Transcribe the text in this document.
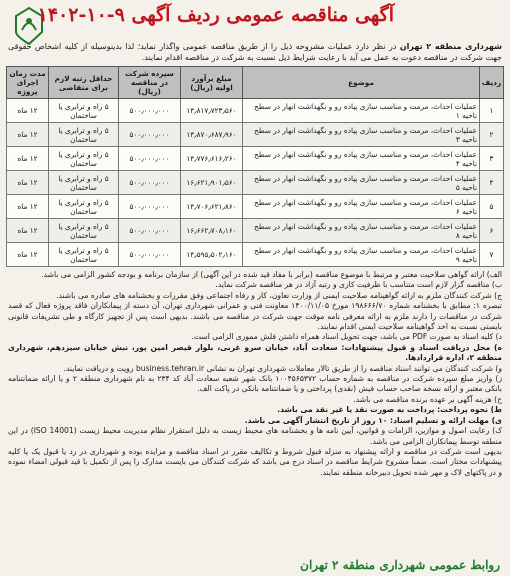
آگهی مناقصه عمومی ردیف آگهی ۹-۱۰-۱۴۰۲
شهرداری منطقه ۲ تهران در نظر دارد عملیات مشروحه ذیل را از طریق مناقصه عمومی واگذار نماید؛ لذا بدینوسیله از کلیه اشخاص حقوقی جهت شرکت در مناقصه دعوت به عمل می آید با رعایت شرایط ذیل نسبت به شرکت در مناقصه اقدام نمایند.
ردیف	موضوع	مبلغ برآورد اولیه (ریال)	سپرده شرکت در مناقصه (ریال)	حداقل رتبه لازم برای متقاضی	مدت زمان اجرای پروژه
۱	عملیات احداث، مرمت و مناسب سازی پیاده رو و نگهداشت انهار در سطح ناحیه ۱	۱۴٫۸۱۷٫۷۲۳٫۵۶۰	۵۰۰٫۰۰۰٫۰۰۰	۵ راه و ترابری یا ساختمان	۱۲ ماه
۲	عملیات احداث، مرمت و مناسب سازی پیاده رو و نگهداشت انهار در سطح ناحیه ۳	۱۴٫۸۷۰٫۶۸۷٫۹۶۰	۵۰۰٫۰۰۰٫۰۰۰	۵ راه و ترابری یا ساختمان	۱۲ ماه
۳	عملیات احداث، مرمت و مناسب سازی پیاده رو و نگهداشت انهار در سطح ناحیه ۴	۱۴٫۷۷۶٫۶۱۶٫۲۶۰	۵۰۰٫۰۰۰٫۰۰۰	۵ راه و ترابری یا ساختمان	۱۲ ماه
۴	عملیات احداث، مرمت و مناسب سازی پیاده رو و نگهداشت انهار در سطح ناحیه ۵	۱۶٫۶۲۱٫۹۰۱٫۵۶۰	۵۰۰٫۰۰۰٫۰۰۰	۵ راه و ترابری یا ساختمان	۱۲ ماه
۵	عملیات احداث، مرمت و مناسب سازی پیاده رو و نگهداشت انهار در سطح ناحیه ۶	۱۴٫۷۰۶٫۶۲۱٫۸۶۰	۵۰۰٫۰۰۰٫۰۰۰	۵ راه و ترابری یا ساختمان	۱۲ ماه
۶	عملیات احداث، مرمت و مناسب سازی پیاده رو و نگهداشت انهار در سطح ناحیه ۸	۱۶٫۶۶۲٫۷۰۸٫۱۶۰	۵۰۰٫۰۰۰٫۰۰۰	۵ راه و ترابری یا ساختمان	۱۲ ماه
۷	عملیات احداث، مرمت و مناسب سازی پیاده رو و نگهداشت انهار در سطح ناحیه ۹	۱۴٫۵۹۵٫۵۰۲٫۱۶۰	۵۰۰٫۰۰۰٫۰۰۰	۵ راه و ترابری یا ساختمان	۱۲ ماه

الف) ارائه گواهی صلاحیت معتبر و مرتبط با موضوع مناقصه (برابر با مفاد قید شده در این آگهی) از سازمان برنامه و بودجه کشور الزامی می باشد.

ب) مناقصه گزار لازم است متناسب با ظرفیت کاری و رتبه آزاد در هر مناقصه شرکت نماید.

ج) شرکت کنندگان ملزم به ارائه گواهینامه صلاحیت ایمنی از وزارت تعاون، کار و رفاه اجتماعی وفق مقررات و بخشنامه های صادره می باشند.

تبصره ۱: مطابق با بخشنامه شماره ۱۹۸۶۶۶/۷۰ مورخ ۱۴۰۰/۱۱/۰۵ معاونت فنی و عمرانی شهرداری تهران، آن دسته از پیمانکاران فاقد پروژه فعال که قصد شرکت در مناقصات را دارند ملزم به ارائه معرفی نامه موقت جهت شرکت در مناقصه می باشند. بدیهی است پس از تجهیز کارگاه و طی تشریفات قانونی بایستی نسبت به اخذ گواهینامه صلاحیت ایمنی اقدام نمایند.

د) کلیه اسناد به صورت PDF می باشد، جهت تحویل اسناد همراه داشتن فلش مموری الزامی است.

ه) محل دریافت اسناد و قبول پیشنهادات: سعادت آباد، خیابان سرو غربی، بلوار قیصر امین پور، نبش خیابان سیزدهم، شهرداری منطقه ۲، اداره قراردادها.

و) شرکت کنندگان می توانند اسناد مناقصه را از طریق تالار معاملات شهرداری تهران به نشانی business.tehran.ir رویت و دریافت نمایند.

ز) واریز مبلغ سپرده شرکت در مناقصه به شماره حساب ۱۰۰۴۵۶۵۳۷۲ بانک شهر شعبه سعادت آباد کد ۲۳۴ به نام شهرداری منطقه ۲ و یا ارائه ضمانتنامه بانکی معتبر و ارائه نسخه صاحب حساب فیش (نقدی) پرداختی و یا ضمانتنامه بانکی در پاکت الف.

ح) هزینه آگهی بر عهده برنده مناقصه می باشد.

ط) نحوه پرداخت: پرداخت به صورت نقد یا غیر نقد می باشد.

ی) مهلت ارائه و تسلیم اسناد: ۱۰ روز از تاریخ انتشار آگهی می باشد.

ک) رعایت اصول و موازین، الزامات و قوانین، آیین نامه ها و بخشنامه های محیط زیست به دلیل استقرار نظام مدیریت محیط زیست (ISO 14001) در این منطقه توسط پیمانکاران الزامی می باشد.

بدیهی است شرکت در مناقصه و ارائه پیشنهاد به منزله قبول شروط و تکالیف مقرر در اسناد مناقصه و مزایده بوده و شهرداری در رد یا قبول یک یا کلیه پیشنهادات مختار است. ضمناً مشروح شرایط مناقصه در اسناد درج می باشد که شرکت کنندگان می بایست مدارک را پس از تکمیل با قید قبولی امضاء نموده و در پاکتهای لاک و مهر شده تحویل دبیرخانه منطقه نمایند.

روابط عمومی شهرداری منطقه ۲ تهران
